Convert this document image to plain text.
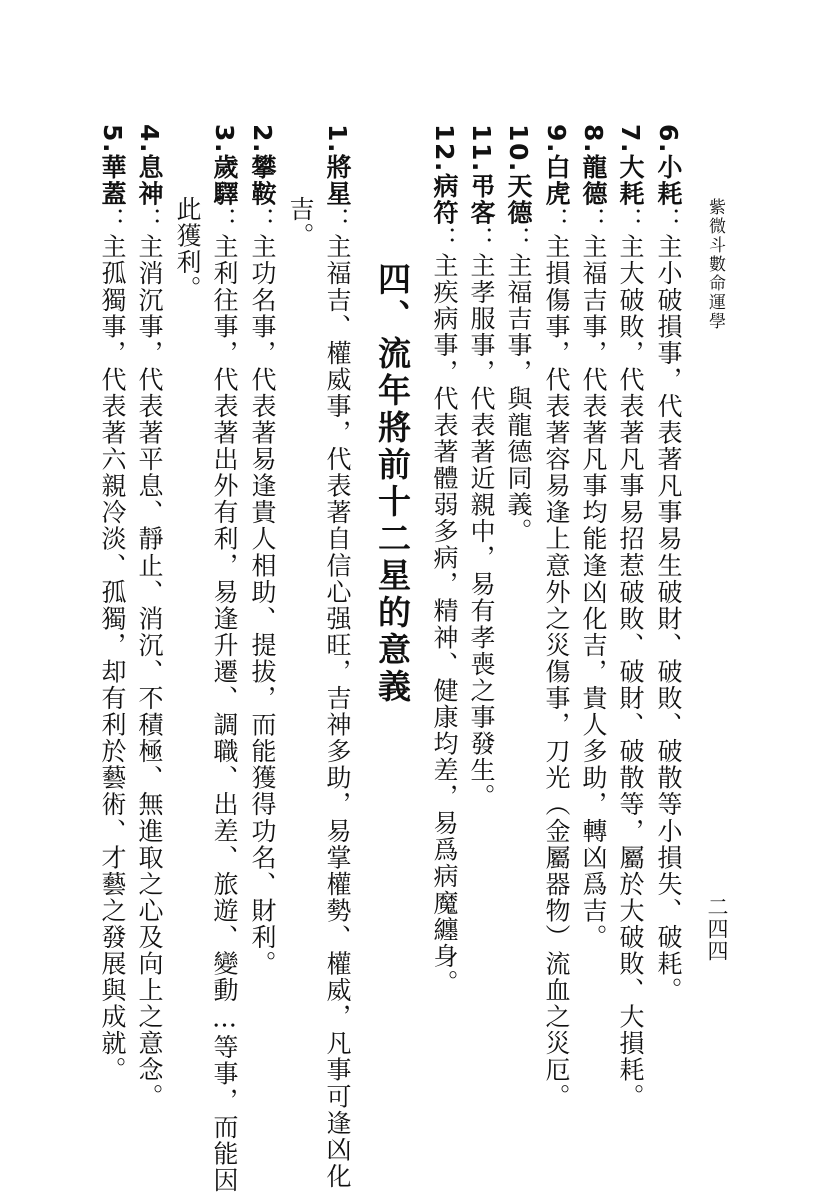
紫微斗數命運學
二四四
6.小耗：主小破損事，代表著凡事易生破財、破敗、破散等小損失、破耗。
7.大耗：主大破敗，代表著凡事易招惹破敗、破財、破散等，屬於大破敗、大損耗。
8.龍德：主福吉事，代表著凡事均能逢凶化吉，貴人多助，轉凶爲吉。
9.白虎：主損傷事，代表著容易逢上意外之災傷事，刀光（金屬器物）流血之災厄。
10.天德：主福吉事，與龍德同義。
11.弔客：主孝服事，代表著近親中，易有孝喪之事發生。
12.病符：主疾病事，代表著體弱多病，精神、健康均差，易爲病魔纏身。
四、流年將前十二星的意義
1.將星：主福吉、權威事，代表著自信心强旺，吉神多助，易掌權勢、權威，凡事可逢凶化
吉。
2.攀鞍：主功名事，代表著易逢貴人相助、提拔，而能獲得功名、財利。
3.歲驛：主利往事，代表著出外有利，易逢升遷、調職、出差、旅遊、變動…等事，而能因
此獲利。
4.息神：主消沉事，代表著平息、靜止、消沉、不積極、無進取之心及向上之意念。
5.華蓋：主孤獨事，代表著六親冷淡、孤獨，却有利於藝術、才藝之發展與成就。
